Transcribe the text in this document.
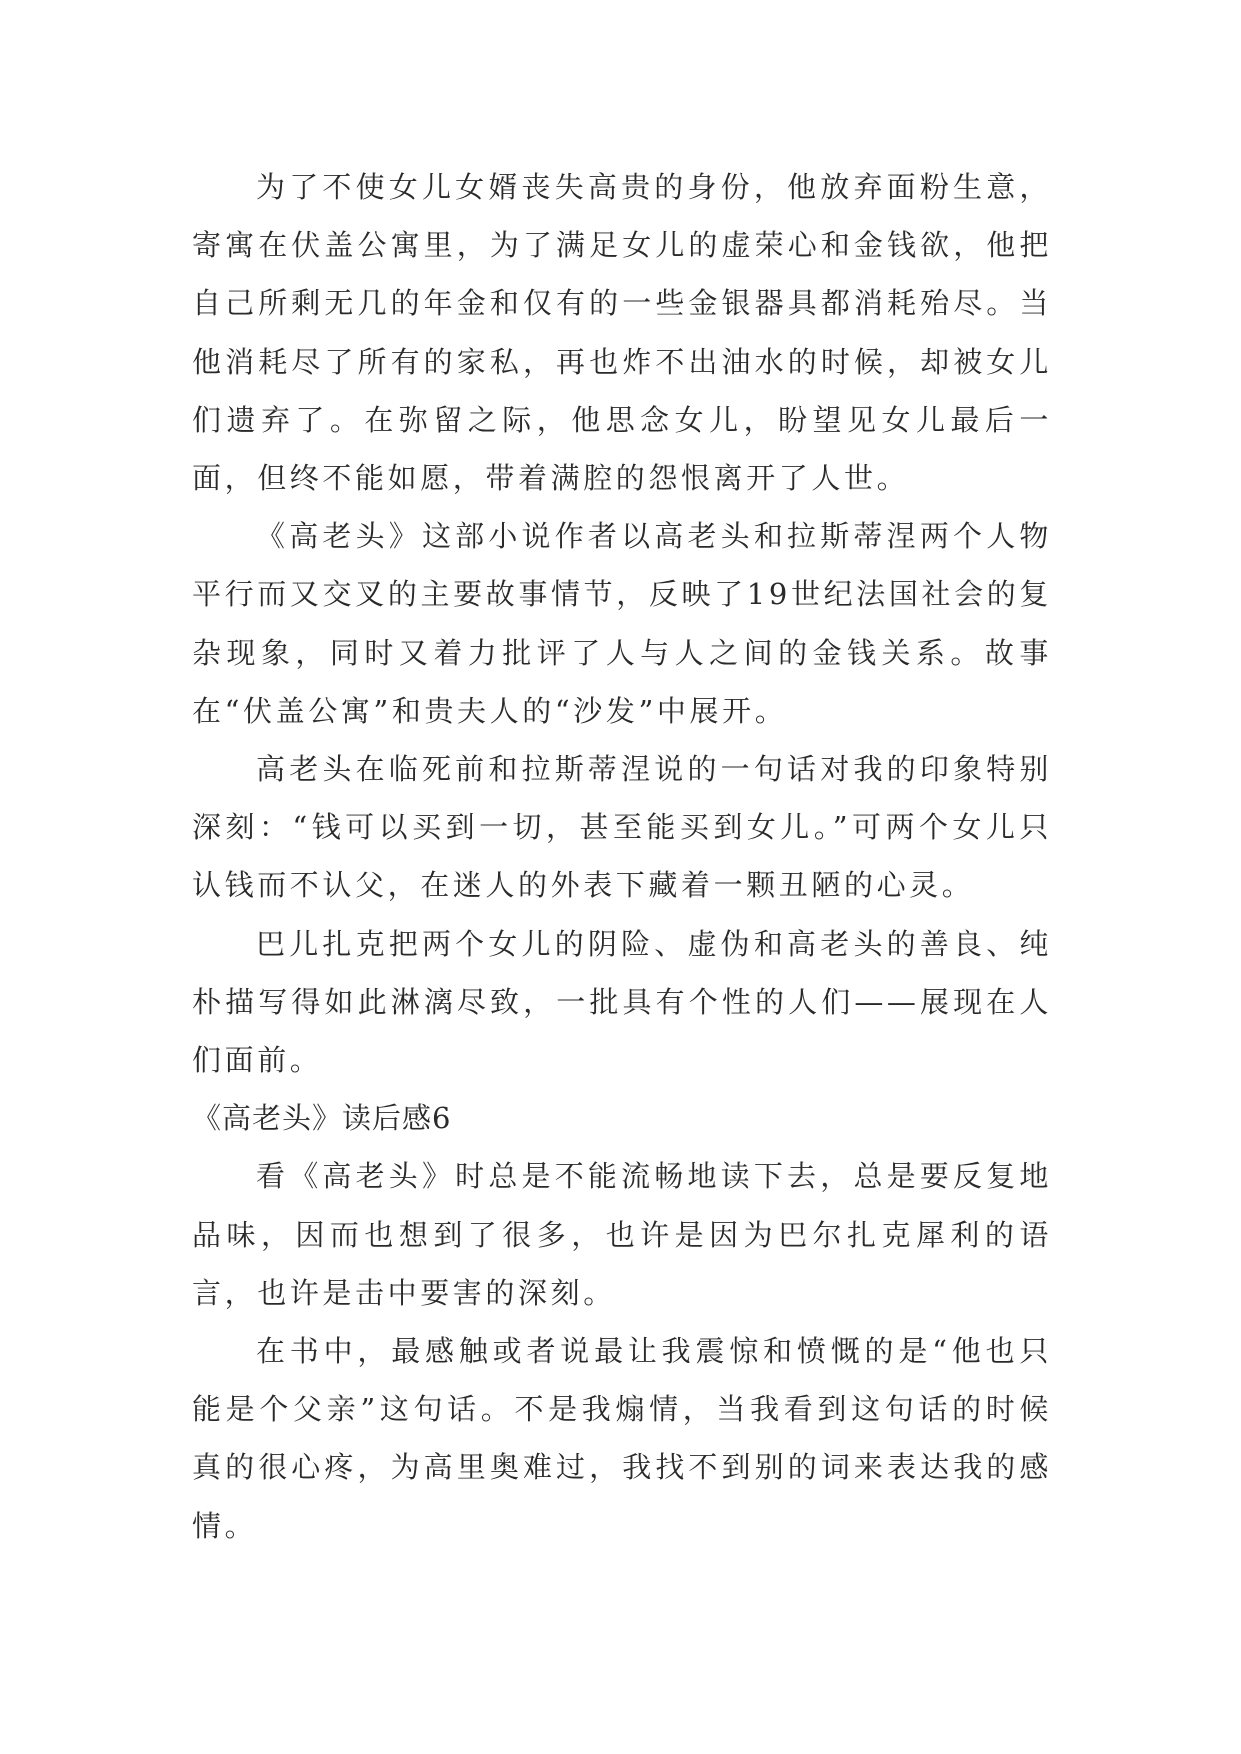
为了不使女儿女婿丧失高贵的身份，他放弃面粉生意，寄寓在伏盖公寓里，为了满足女儿的虚荣心和金钱欲，他把自己所剩无几的年金和仅有的一些金银器具都消耗殆尽。当他消耗尽了所有的家私，再也炸不出油水的时候，却被女儿们遗弃了。在弥留之际，他思念女儿，盼望见女儿最后一面，但终不能如愿，带着满腔的怨恨离开了人世。

《高老头》这部小说作者以高老头和拉斯蒂涅两个人物平行而又交叉的主要故事情节，反映了19世纪法国社会的复杂现象，同时又着力批评了人与人之间的金钱关系。故事在“伏盖公寓”和贵夫人的“沙发”中展开。

高老头在临死前和拉斯蒂涅说的一句话对我的印象特别深刻：“钱可以买到一切，甚至能买到女儿。”可两个女儿只认钱而不认父，在迷人的外表下藏着一颗丑陋的心灵。

巴儿扎克把两个女儿的阴险、虚伪和高老头的善良、纯朴描写得如此淋漓尽致，一批具有个性的人们——展现在人们面前。

《高老头》读后感6

看《高老头》时总是不能流畅地读下去，总是要反复地品味，因而也想到了很多，也许是因为巴尔扎克犀利的语言，也许是击中要害的深刻。

在书中，最感触或者说最让我震惊和愤慨的是“他也只能是个父亲”这句话。不是我煽情，当我看到这句话的时候真的很心疼，为高里奥难过，我找不到别的词来表达我的感情。
